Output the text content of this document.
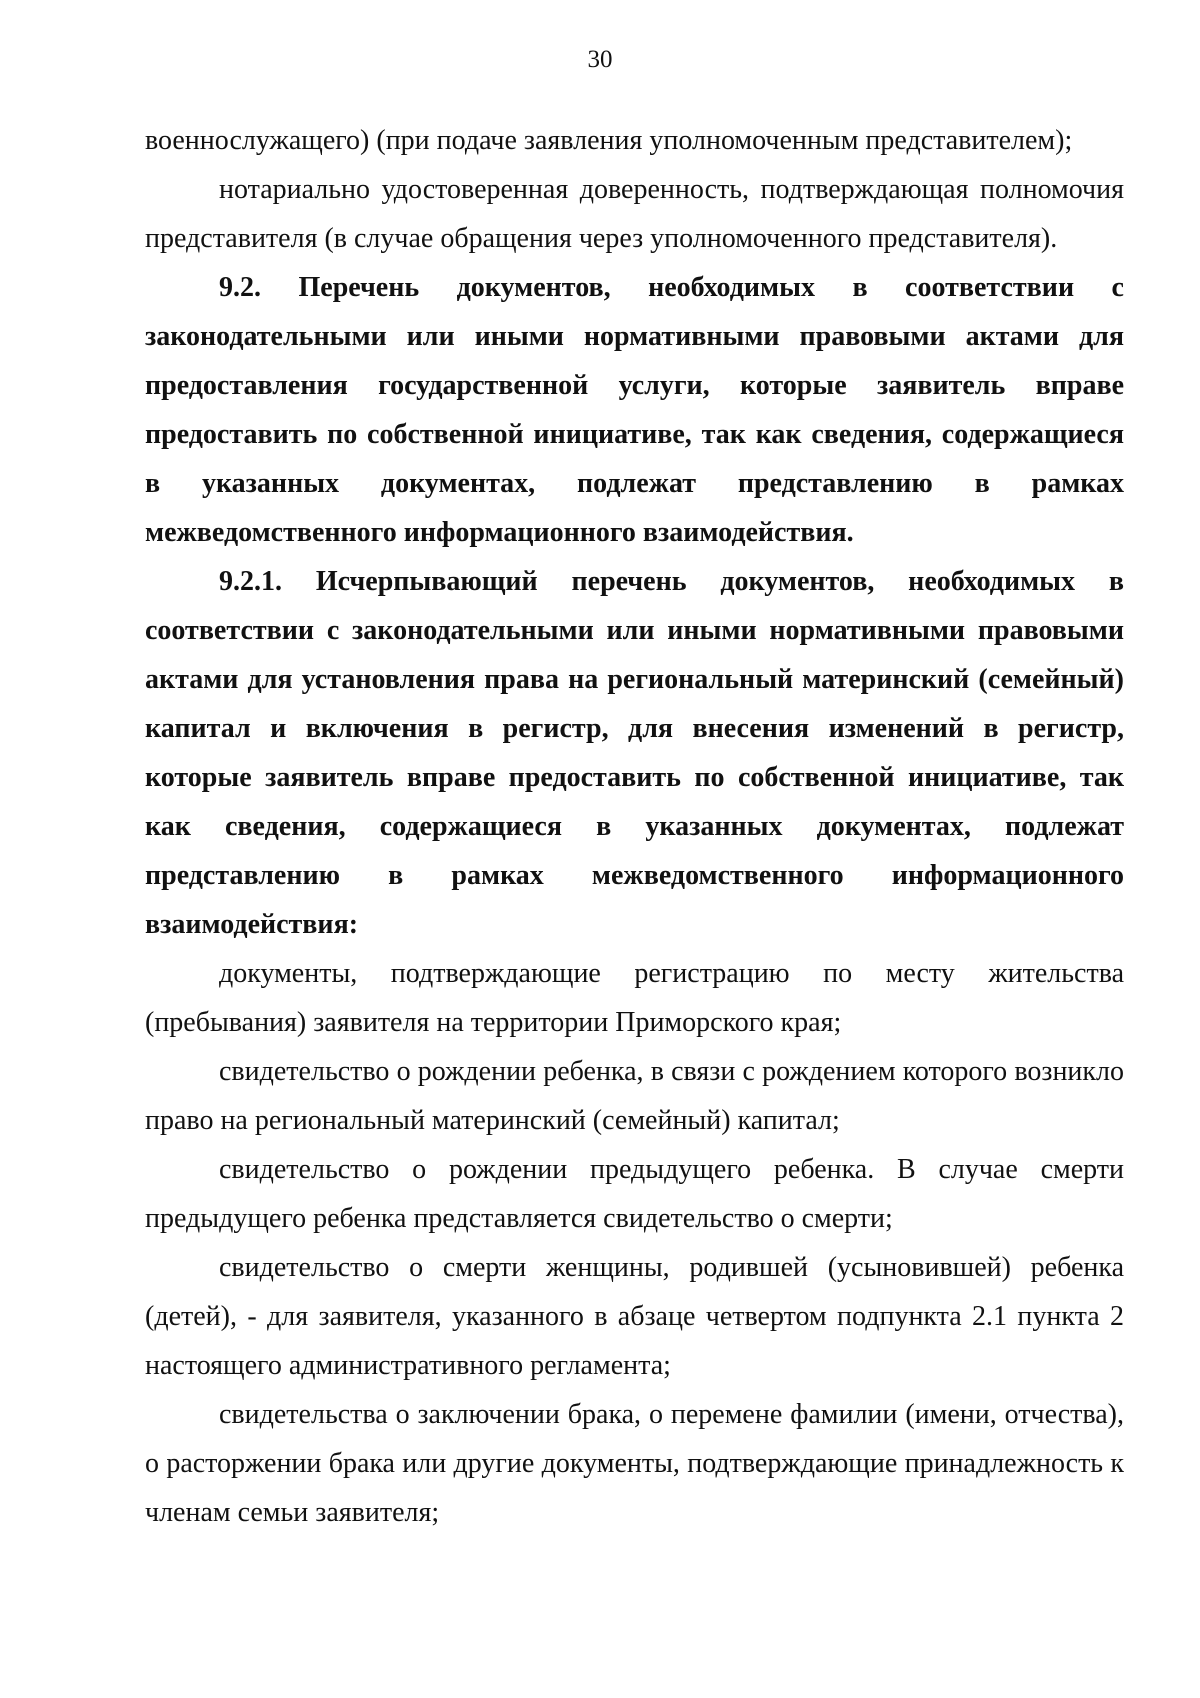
30

военнослужащего) (при подаче заявления уполномоченным представителем);

нотариально удостоверенная доверенность, подтверждающая полномочия представителя (в случае обращения через уполномоченного представителя).

9.2. Перечень документов, необходимых в соответствии с законодательными или иными нормативными правовыми актами для предоставления государственной услуги, которые заявитель вправе предоставить по собственной инициативе, так как сведения, содержащиеся в указанных документах, подлежат представлению в рамках межведомственного информационного взаимодействия.

9.2.1. Исчерпывающий перечень документов, необходимых в соответствии с законодательными или иными нормативными правовыми актами для установления права на региональный материнский (семейный) капитал и включения в регистр, для внесения изменений в регистр, которые заявитель вправе предоставить по собственной инициативе, так как сведения, содержащиеся в указанных документах, подлежат представлению в рамках межведомственного информационного взаимодействия:

документы, подтверждающие регистрацию по месту жительства (пребывания) заявителя на территории Приморского края;

свидетельство о рождении ребенка, в связи с рождением которого возникло право на региональный материнский (семейный) капитал;

свидетельство о рождении предыдущего ребенка. В случае смерти предыдущего ребенка представляется свидетельство о смерти;

свидетельство о смерти женщины, родившей (усыновившей) ребенка (детей), - для заявителя, указанного в абзаце четвертом подпункта 2.1 пункта 2 настоящего административного регламента;

свидетельства о заключении брака, о перемене фамилии (имени, отчества), о расторжении брака или другие документы, подтверждающие принадлежность к членам семьи заявителя;
